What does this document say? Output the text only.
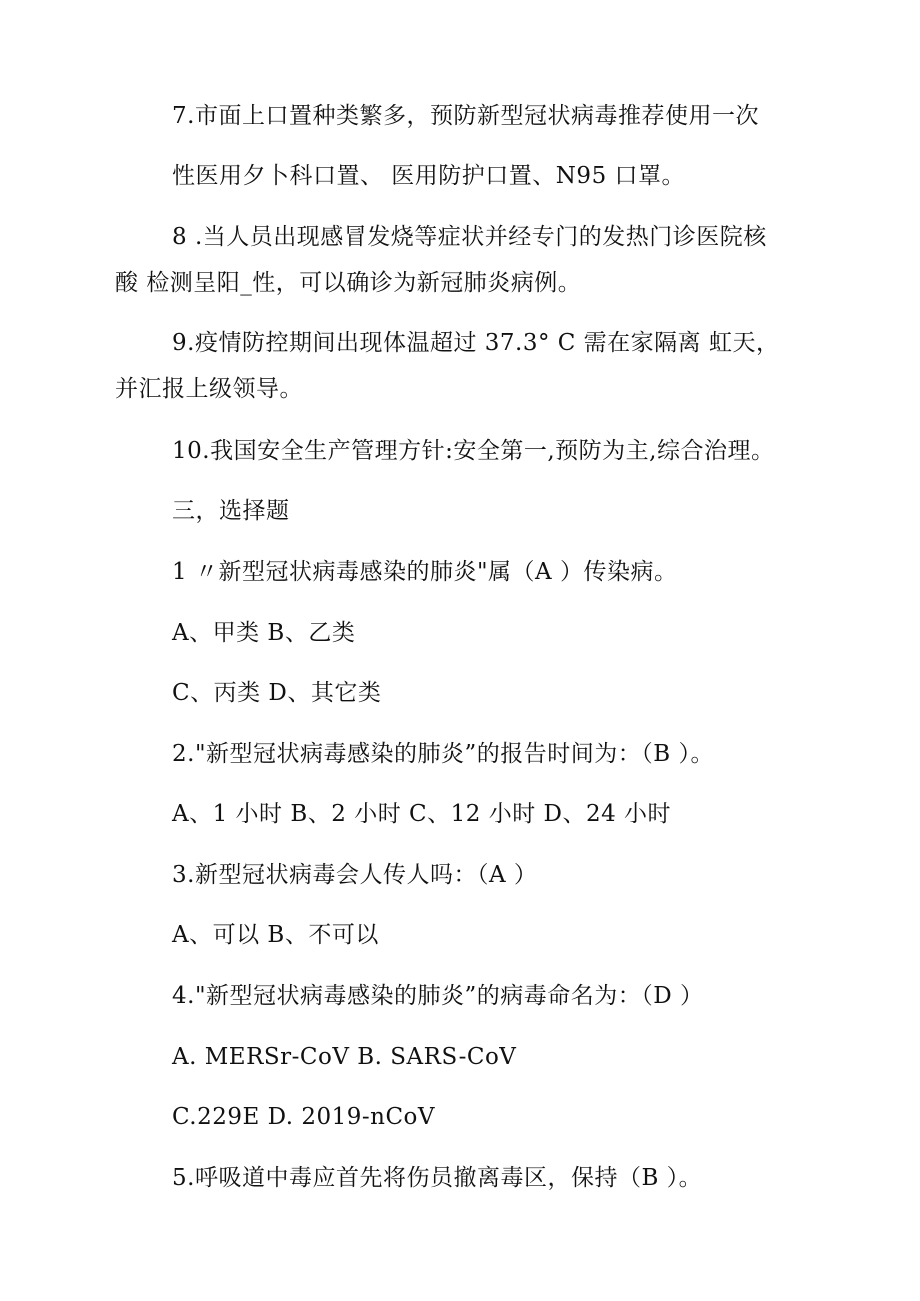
7.市面上口置种类繁多，预防新型冠状病毒推荐使用一次
性医用夕卜科口置、 医用防护口置、N95 口罩。
8 .当人员出现感冒发烧等症状并经专门的发热门诊医院核
酸 检测呈阳_性，可以确诊为新冠肺炎病例。
9.疫情防控期间出现体温超过 37.3° C 需在家隔离 虹天，
并汇报上级领导。
10.我国安全生产管理方针:安全第一,预防为主,综合治理。
三，选择题
1 〃新型冠状病毒感染的肺炎"属（A ）传染病。
A、甲类 B、乙类
C、丙类 D、其它类
2."新型冠状病毒感染的肺炎”的报告时间为：（B ）。
A、1 小时 B、2 小时 C、12 小时 D、24 小时
3.新型冠状病毒会人传人吗：（A ）
A、可以 B、不可以
4."新型冠状病毒感染的肺炎”的病毒命名为：（D ）
A. MERSr-CoV B. SARS-CoV
C.229E D. 2019-nCoV
5.呼吸道中毒应首先将伤员撤离毒区，保持（B ）。
